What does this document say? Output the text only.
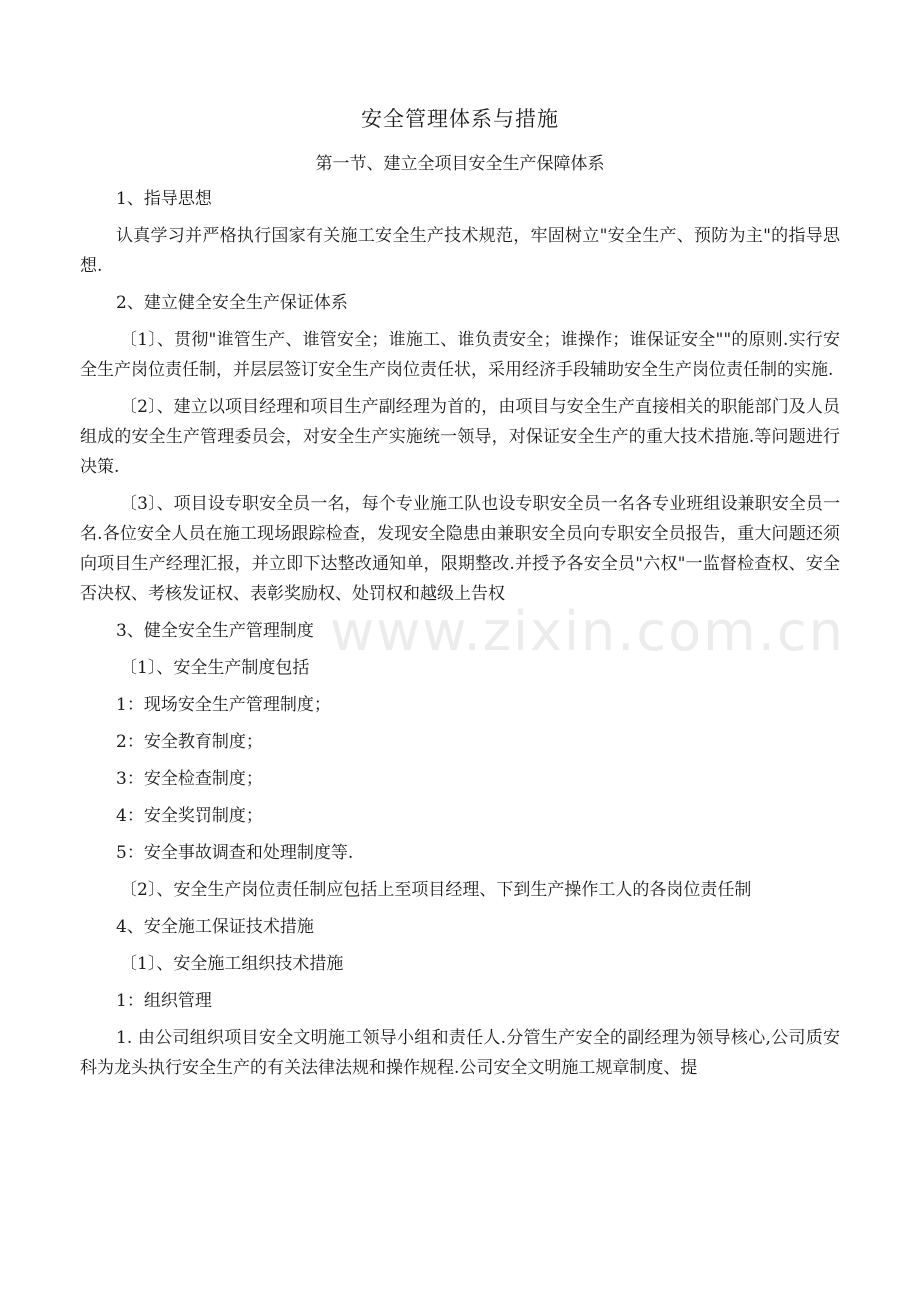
www.zixin.com.cn
安全管理体系与措施
第一节、建立全项目安全生产保障体系

1、指导思想

认真学习并严格执行国家有关施工安全生产技术规范，牢固树立"安全生产、预防为主"的指导思想.

2、建立健全安全生产保证体系

〔1〕、贯彻"谁管生产、谁管安全；谁施工、谁负责安全；谁操作；谁保证安全""的原则.实行安全生产岗位责任制，并层层签订安全生产岗位责任状，采用经济手段辅助安全生产岗位责任制的实施.

〔2〕、建立以项目经理和项目生产副经理为首的，由项目与安全生产直接相关的职能部门及人员组成的安全生产管理委员会，对安全生产实施统一领导，对保证安全生产的重大技术措施.等问题进行决策.

〔3〕、项目设专职安全员一名，每个专业施工队也设专职安全员一名各专业班组设兼职安全员一名.各位安全人员在施工现场跟踪检查，发现安全隐患由兼职安全员向专职安全员报告，重大问题还须向项目生产经理汇报，并立即下达整改通知单，限期整改.并授予各安全员"六权"一监督检查权、安全否决权、考核发证权、表彰奖励权、处罚权和越级上告权

3、健全安全生产管理制度

〔1〕、安全生产制度包括

1：现场安全生产管理制度；

2：安全教育制度；

3：安全检查制度；

4：安全奖罚制度；

5：安全事故调查和处理制度等.

〔2〕、安全生产岗位责任制应包括上至项目经理、下到生产操作工人的各岗位责任制

4、安全施工保证技术措施

〔1〕、安全施工组织技术措施

1：组织管理

1. 由公司组织项目安全文明施工领导小组和责任人.分管生产安全的副经理为领导核心,公司质安科为龙头执行安全生产的有关法律法规和操作规程.公司安全文明施工规章制度、提
